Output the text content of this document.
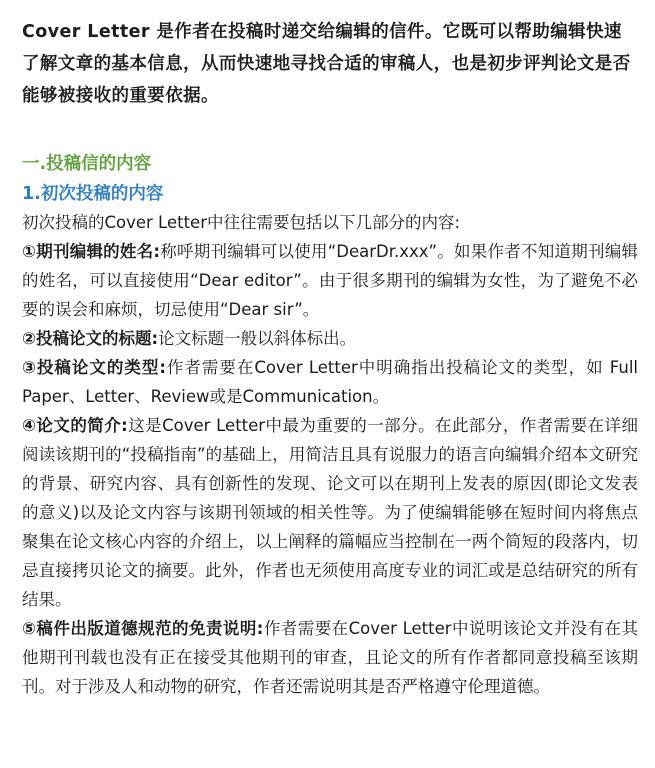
Cover Letter 是作者在投稿时递交给编辑的信件。它既可以帮助编辑快速了解文章的基本信息，从而快速地寻找合适的审稿人，也是初步评判论文是否能够被接收的重要依据。

一.投稿信的内容
1.初次投稿的内容

初次投稿的Cover Letter中往往需要包括以下几部分的内容:

①期刊编辑的姓名:称呼期刊编辑可以使用“DearDr.xxx”。如果作者不知道期刊编辑的姓名，可以直接使用“Dear editor”。由于很多期刊的编辑为女性，为了避免不必要的误会和麻烦，切忌使用“Dear sir”。

②投稿论文的标题:论文标题一般以斜体标出。

③投稿论文的类型:作者需要在Cover Letter中明确指出投稿论文的类型，如 Full Paper、Letter、Review或是Communication。

④论文的简介:这是Cover Letter中最为重要的一部分。在此部分，作者需要在详细阅读该期刊的“投稿指南”的基础上，用简洁且具有说服力的语言向编辑介绍本文研究的背景、研究内容、具有创新性的发现、论文可以在期刊上发表的原因(即论文发表的意义)以及论文内容与该期刊领域的相关性等。为了使编辑能够在短时间内将焦点聚集在论文核心内容的介绍上，以上阐释的篇幅应当控制在一两个简短的段落内，切忌直接拷贝论文的摘要。此外，作者也无须使用高度专业的词汇或是总结研究的所有结果。

⑤稿件出版道德规范的免责说明:作者需要在Cover Letter中说明该论文并没有在其他期刊刊载也没有正在接受其他期刊的审查，且论文的所有作者都同意投稿至该期刊。对于涉及人和动物的研究，作者还需说明其是否严格遵守伦理道德。
